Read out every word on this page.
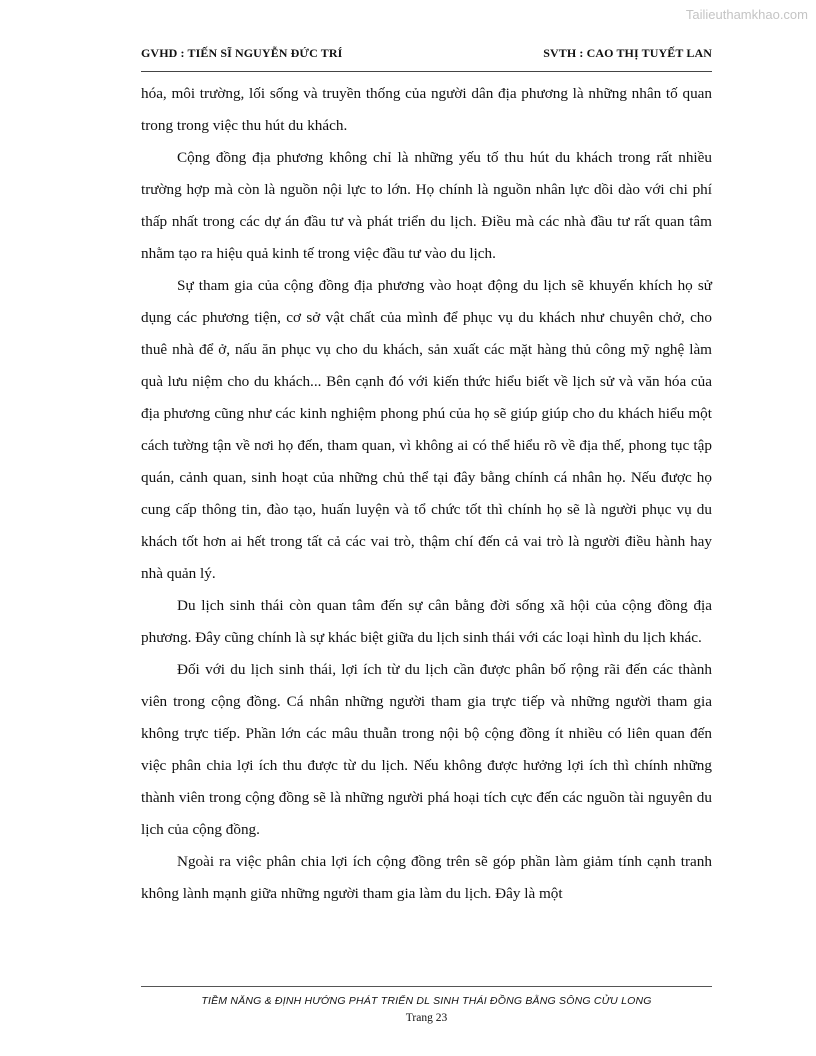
Tailieuthamkhao.com
GVHD : TIẾN SĨ NGUYỄN ĐỨC TRÍ	SVTH : CAO THỊ TUYẾT LAN

hóa, môi trường, lối sống và truyền thống của người dân địa phương là những nhân tố quan trong trong việc thu hút du khách.

Cộng đồng địa phương không chỉ là những yếu tố thu hút du khách trong rất nhiều trường hợp mà còn là nguồn nội lực to lớn. Họ chính là nguồn nhân lực dồi dào với chi phí thấp nhất trong các dự án đầu tư và phát triển du lịch. Điều mà các nhà đầu tư rất quan tâm nhằm tạo ra hiệu quả kinh tế trong việc đầu tư vào du lịch.

Sự tham gia của cộng đồng địa phương vào hoạt động du lịch sẽ khuyến khích họ sử dụng các phương tiện, cơ sở vật chất của mình để phục vụ du khách như chuyên chở, cho thuê nhà để ở, nấu ăn phục vụ cho du khách, sản xuất các mặt hàng thủ công mỹ nghệ làm quà lưu niệm cho du khách... Bên cạnh đó với kiến thức hiểu biết về lịch sử và văn hóa của địa phương cũng như các kinh nghiệm phong phú của họ sẽ giúp giúp cho du khách hiểu một cách tường tận về nơi họ đến, tham quan, vì không ai có thể hiểu rõ về địa thế, phong tục tập quán, cảnh quan, sinh hoạt của những chủ thể tại đây bằng chính cá nhân họ. Nếu được họ cung cấp thông tin, đào tạo, huấn luyện và tổ chức tốt thì chính họ sẽ là người phục vụ du khách tốt hơn ai hết trong tất cả các vai trò, thậm chí đến cả vai trò là người điều hành hay nhà quản lý.

Du lịch sinh thái còn quan tâm đến sự cân bằng đời sống xã hội của cộng đồng địa phương. Đây cũng chính là sự khác biệt giữa du lịch sinh thái với các loại hình du lịch khác.

Đối với du lịch sinh thái, lợi ích từ du lịch cần được phân bố rộng rãi đến các thành viên trong cộng đồng. Cá nhân những người tham gia trực tiếp và những người tham gia không trực tiếp. Phần lớn các mâu thuẫn trong nội bộ cộng đồng ít nhiều có liên quan đến việc phân chia lợi ích thu được từ du lịch. Nếu không được hưởng lợi ích thì chính những thành viên trong cộng đồng sẽ là những người phá hoại tích cực đến các nguồn tài nguyên du lịch của cộng đồng.

Ngoài ra việc phân chia lợi ích cộng đồng trên sẽ góp phần làm giảm tính cạnh tranh không lành mạnh giữa những người tham gia làm du lịch. Đây là một

TIỀM NĂNG & ĐỊNH HƯỚNG PHÁT TRIỂN DL SINH THÁI ĐỒNG BẰNG SÔNG CỬU LONG
Trang 23
